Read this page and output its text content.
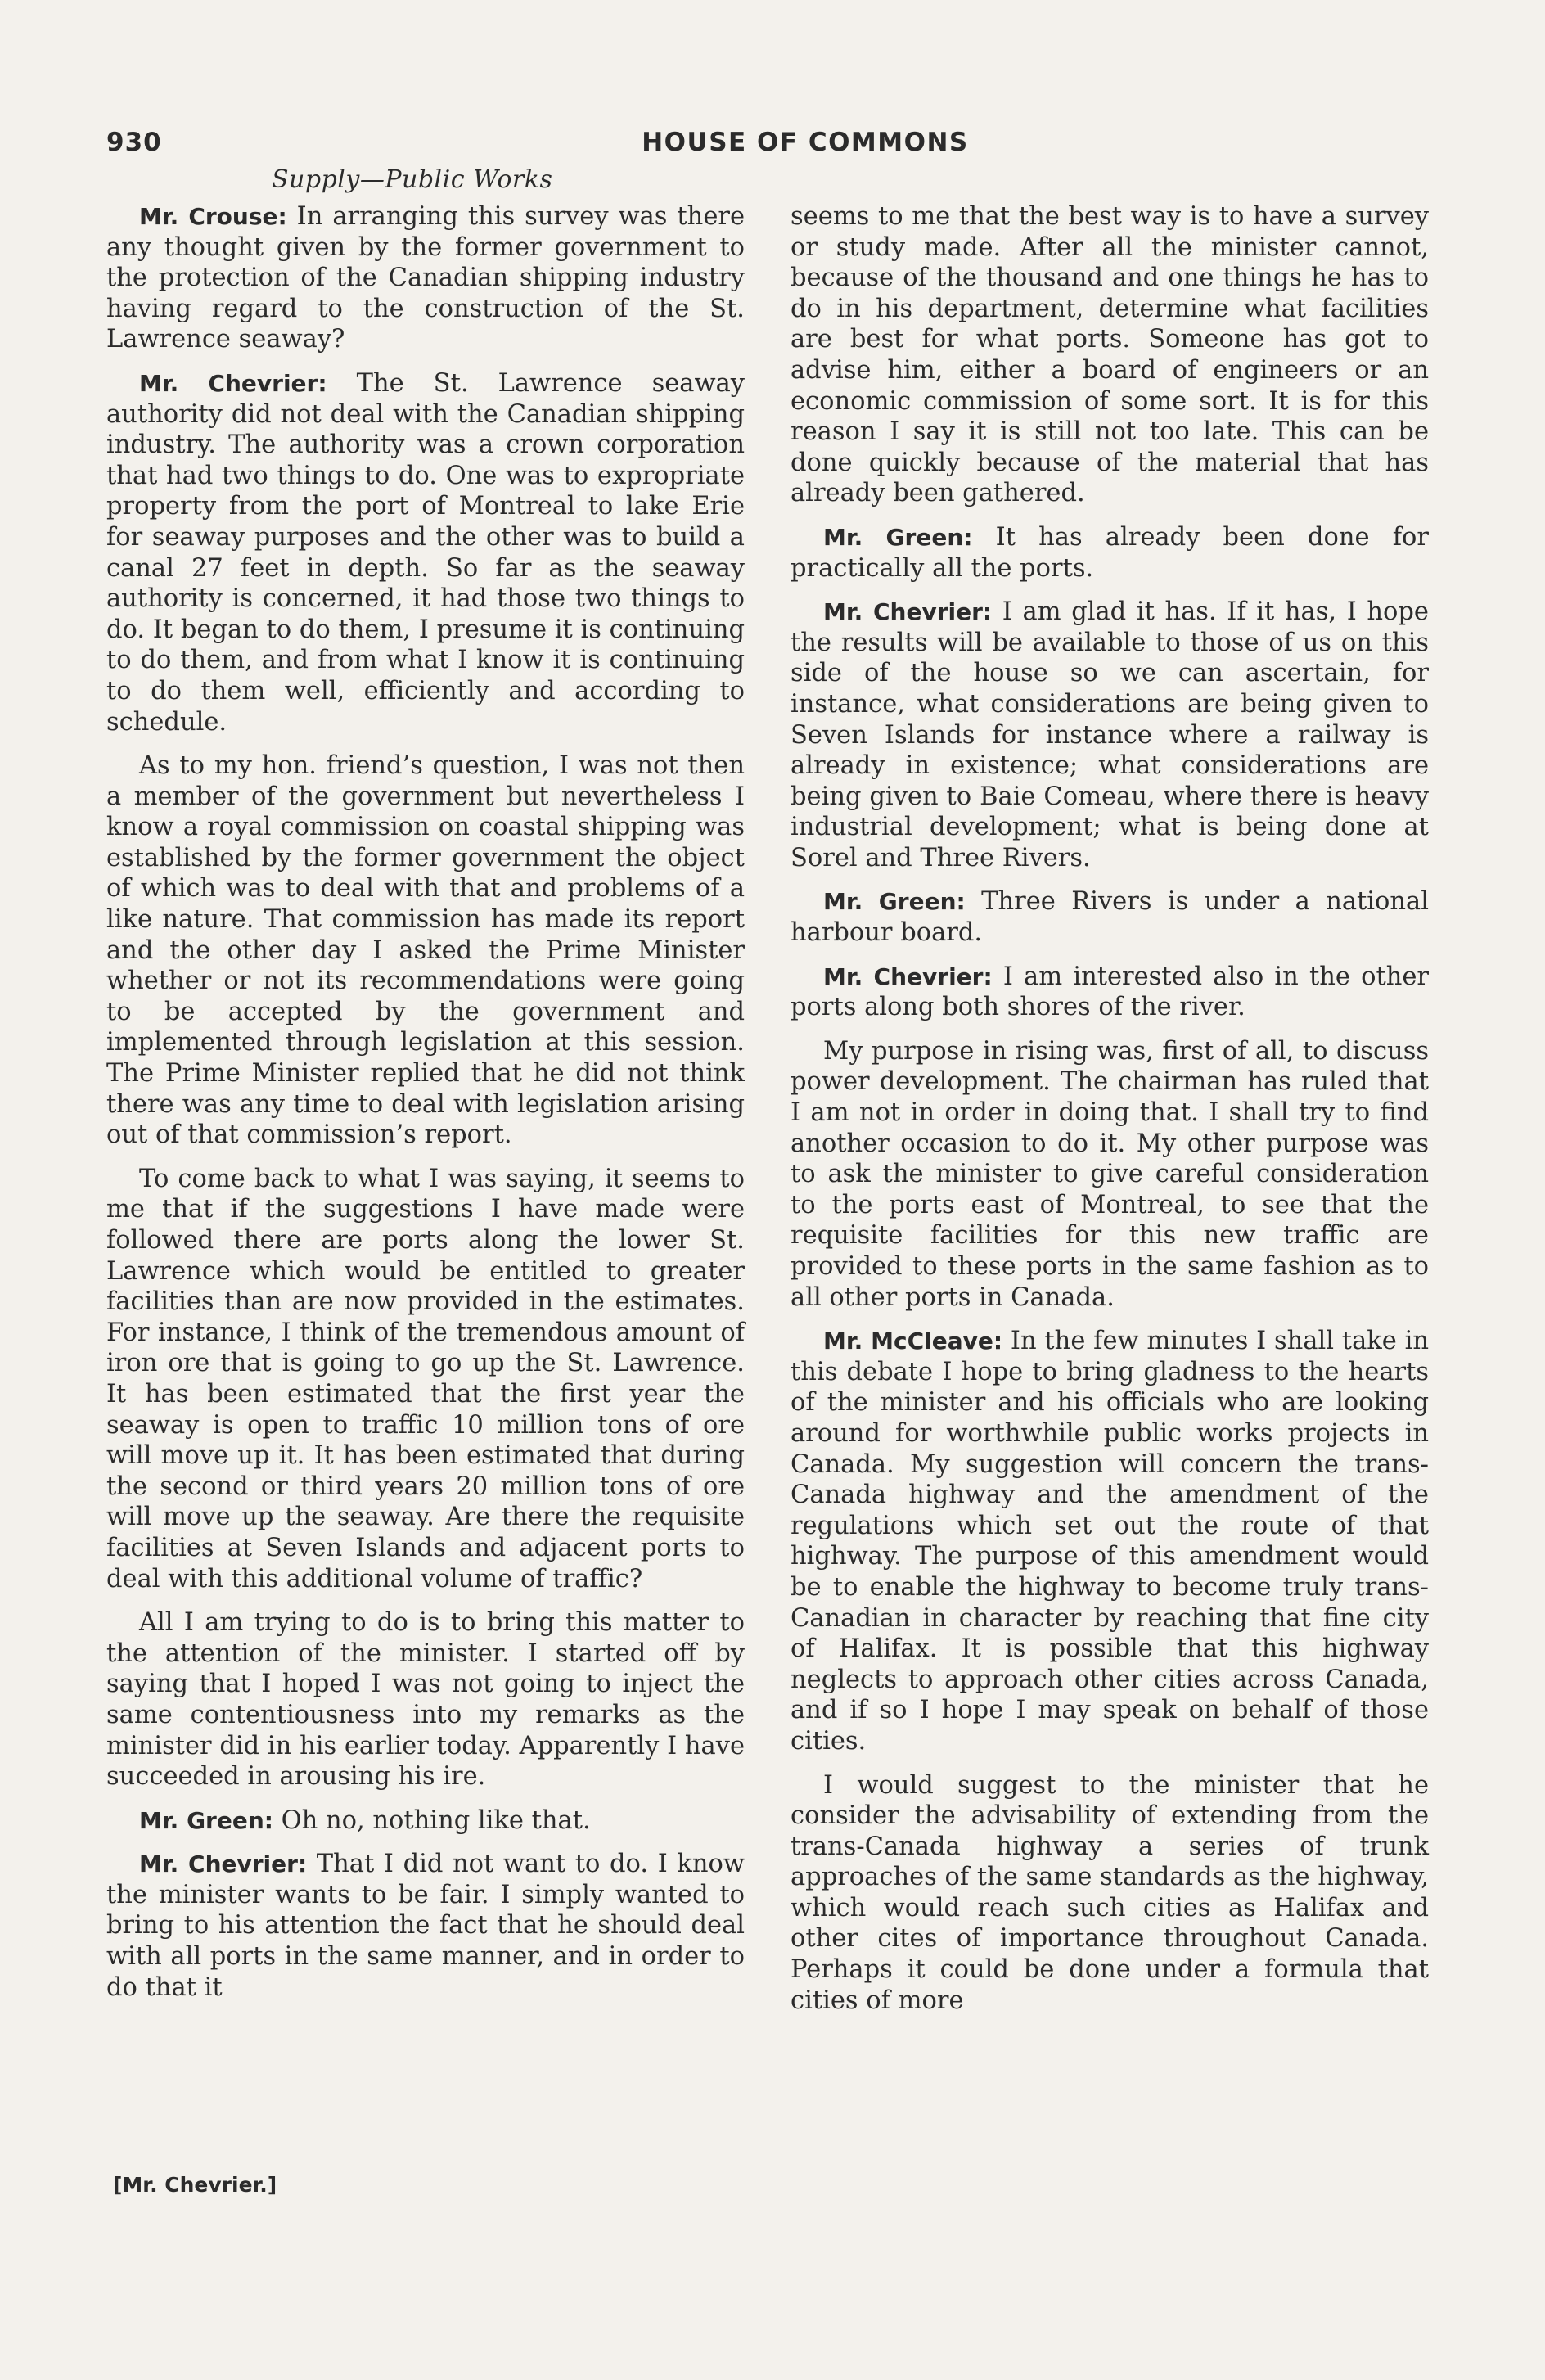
930	HOUSE OF COMMONS
Supply—Public Works

Mr. Crouse: In arranging this survey was there any thought given by the former government to the protection of the Canadian shipping industry having regard to the construction of the St. Lawrence seaway?

Mr. Chevrier: The St. Lawrence seaway authority did not deal with the Canadian shipping industry. The authority was a crown corporation that had two things to do. One was to expropriate property from the port of Montreal to lake Erie for seaway purposes and the other was to build a canal 27 feet in depth. So far as the seaway authority is concerned, it had those two things to do. It began to do them, I presume it is continuing to do them, and from what I know it is continuing to do them well, efficiently and according to schedule.

As to my hon. friend’s question, I was not then a member of the government but nevertheless I know a royal commission on coastal shipping was established by the former government the object of which was to deal with that and problems of a like nature. That commission has made its report and the other day I asked the Prime Minister whether or not its recommendations were going to be accepted by the government and implemented through legislation at this session. The Prime Minister replied that he did not think there was any time to deal with legislation arising out of that commission’s report.

To come back to what I was saying, it seems to me that if the suggestions I have made were followed there are ports along the lower St. Lawrence which would be entitled to greater facilities than are now provided in the estimates. For instance, I think of the tremendous amount of iron ore that is going to go up the St. Lawrence. It has been estimated that the first year the seaway is open to traffic 10 million tons of ore will move up it. It has been estimated that during the second or third years 20 million tons of ore will move up the seaway. Are there the requisite facilities at Seven Islands and adjacent ports to deal with this additional volume of traffic?

All I am trying to do is to bring this matter to the attention of the minister. I started off by saying that I hoped I was not going to inject the same contentiousness into my remarks as the minister did in his earlier today. Apparently I have succeeded in arousing his ire.

Mr. Green: Oh no, nothing like that.

Mr. Chevrier: That I did not want to do. I know the minister wants to be fair. I simply wanted to bring to his attention the fact that he should deal with all ports in the same manner, and in order to do that it

seems to me that the best way is to have a survey or study made. After all the minister cannot, because of the thousand and one things he has to do in his department, determine what facilities are best for what ports. Someone has got to advise him, either a board of engineers or an economic commission of some sort. It is for this reason I say it is still not too late. This can be done quickly because of the material that has already been gathered.

Mr. Green: It has already been done for practically all the ports.

Mr. Chevrier: I am glad it has. If it has, I hope the results will be available to those of us on this side of the house so we can ascertain, for instance, what considerations are being given to Seven Islands for instance where a railway is already in existence; what considerations are being given to Baie Comeau, where there is heavy industrial development; what is being done at Sorel and Three Rivers.

Mr. Green: Three Rivers is under a national harbour board.

Mr. Chevrier: I am interested also in the other ports along both shores of the river.

My purpose in rising was, first of all, to discuss power development. The chairman has ruled that I am not in order in doing that. I shall try to find another occasion to do it. My other purpose was to ask the minister to give careful consideration to the ports east of Montreal, to see that the requisite facilities for this new traffic are provided to these ports in the same fashion as to all other ports in Canada.

Mr. McCleave: In the few minutes I shall take in this debate I hope to bring gladness to the hearts of the minister and his officials who are looking around for worthwhile public works projects in Canada. My suggestion will concern the trans-Canada highway and the amendment of the regulations which set out the route of that highway. The purpose of this amendment would be to enable the highway to become truly trans-Canadian in character by reaching that fine city of Halifax. It is possible that this highway neglects to approach other cities across Canada, and if so I hope I may speak on behalf of those cities.

I would suggest to the minister that he consider the advisability of extending from the trans-Canada highway a series of trunk approaches of the same standards as the highway, which would reach such cities as Halifax and other cites of importance throughout Canada. Perhaps it could be done under a formula that cities of more

[Mr. Chevrier.]
